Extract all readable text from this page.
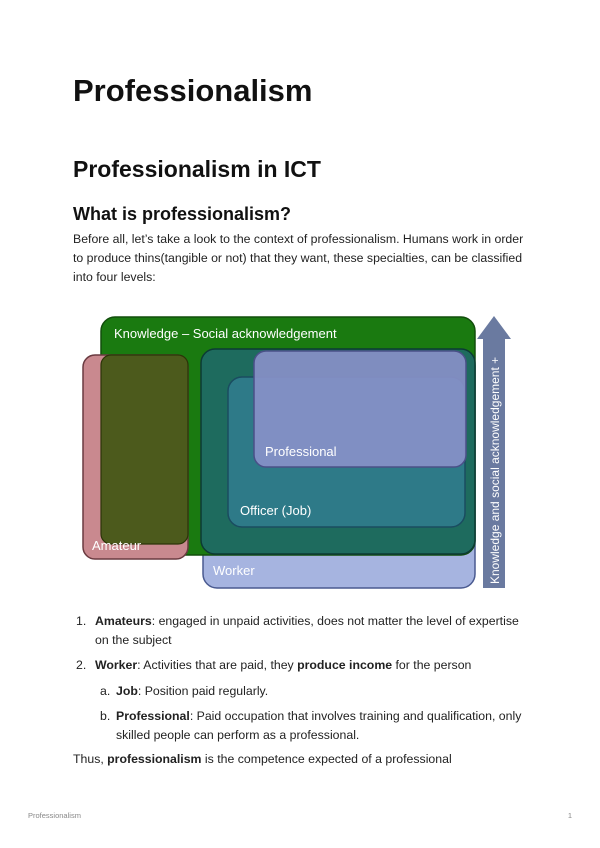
Professionalism
Professionalism in ICT
What is professionalism?

Before all, let’s take a look to the context of professionalism. Humans work in order to produce thins(tangible or not) that they want, these specialties, can be classified into four levels:

Knowledge – Social acknowledgement
Professional
Officer (Job)
Amateur
Worker	Knowledge and social acknowledgement +
1. Amateurs: engaged in unpaid activities, does not matter the level of expertise on the subject
2. Worker: Activities that are paid, they produce income for the person
a. Job: Position paid regularly.
b. Professional: Paid occupation that involves training and qualification, only skilled people can perform as a professional.

Thus, professionalism is the competence expected of a professional

Professionalism	1
